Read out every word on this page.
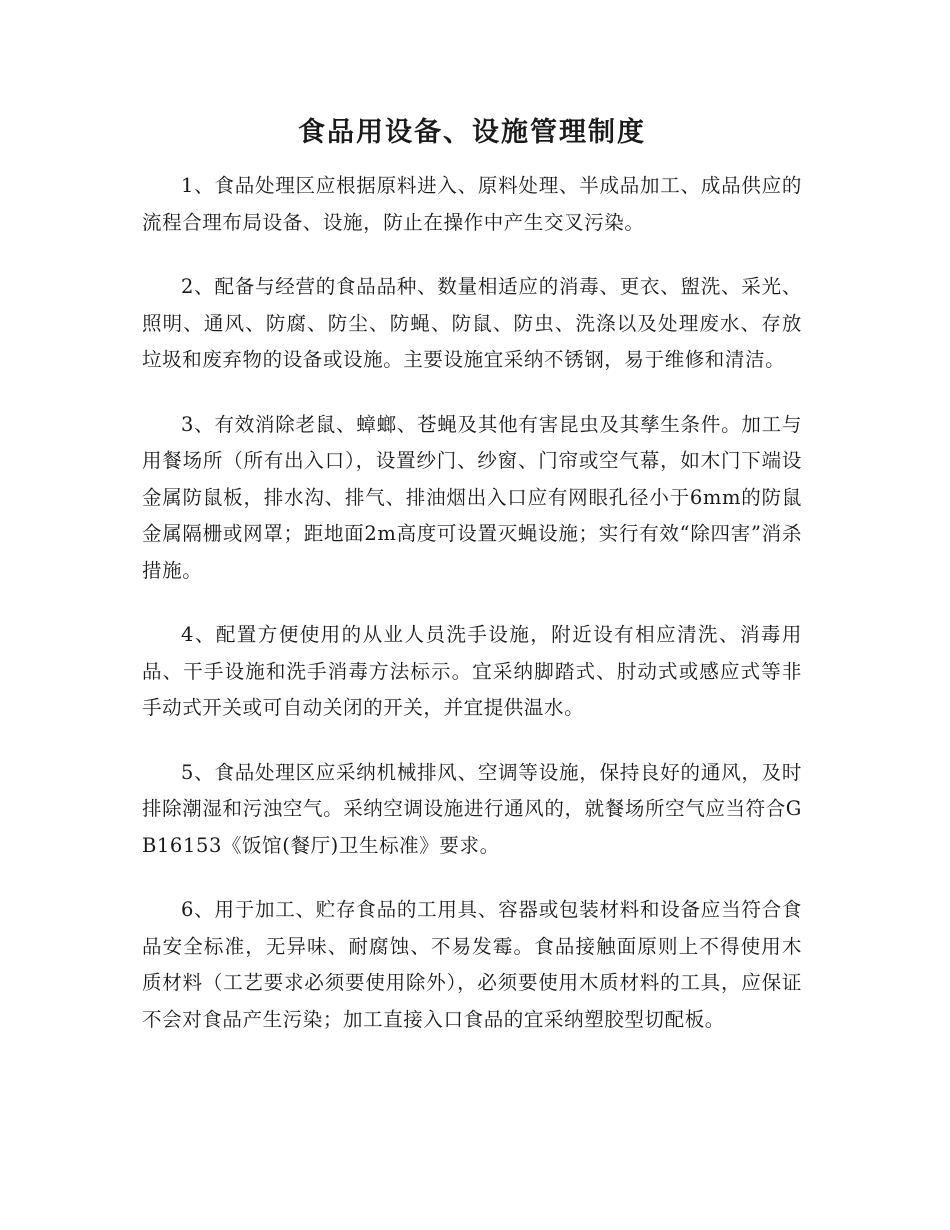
食品用设备、设施管理制度

1、食品处理区应根据原料进入、原料处理、半成品加工、成品供应的流程合理布局设备、设施，防止在操作中产生交叉污染。

2、配备与经营的食品品种、数量相适应的消毒、更衣、盥洗、采光、照明、通风、防腐、防尘、防蝇、防鼠、防虫、洗涤以及处理废水、存放垃圾和废弃物的设备或设施。主要设施宜采纳不锈钢，易于维修和清洁。

3、有效消除老鼠、蟑螂、苍蝇及其他有害昆虫及其孳生条件。加工与用餐场所（所有出入口），设置纱门、纱窗、门帘或空气幕，如木门下端设金属防鼠板，排水沟、排气、排油烟出入口应有网眼孔径小于6mm的防鼠金属隔栅或网罩；距地面2m高度可设置灭蝇设施；实行有效“除四害”消杀措施。

4、配置方便使用的从业人员洗手设施，附近设有相应清洗、消毒用品、干手设施和洗手消毒方法标示。宜采纳脚踏式、肘动式或感应式等非手动式开关或可自动关闭的开关，并宜提供温水。

5、食品处理区应采纳机械排风、空调等设施，保持良好的通风，及时排除潮湿和污浊空气。采纳空调设施进行通风的，就餐场所空气应当符合GB16153《饭馆(餐厅)卫生标准》要求。

6、用于加工、贮存食品的工用具、容器或包装材料和设备应当符合食品安全标准，无异味、耐腐蚀、不易发霉。食品接触面原则上不得使用木质材料（工艺要求必须要使用除外），必须要使用木质材料的工具，应保证不会对食品产生污染；加工直接入口食品的宜采纳塑胶型切配板。
